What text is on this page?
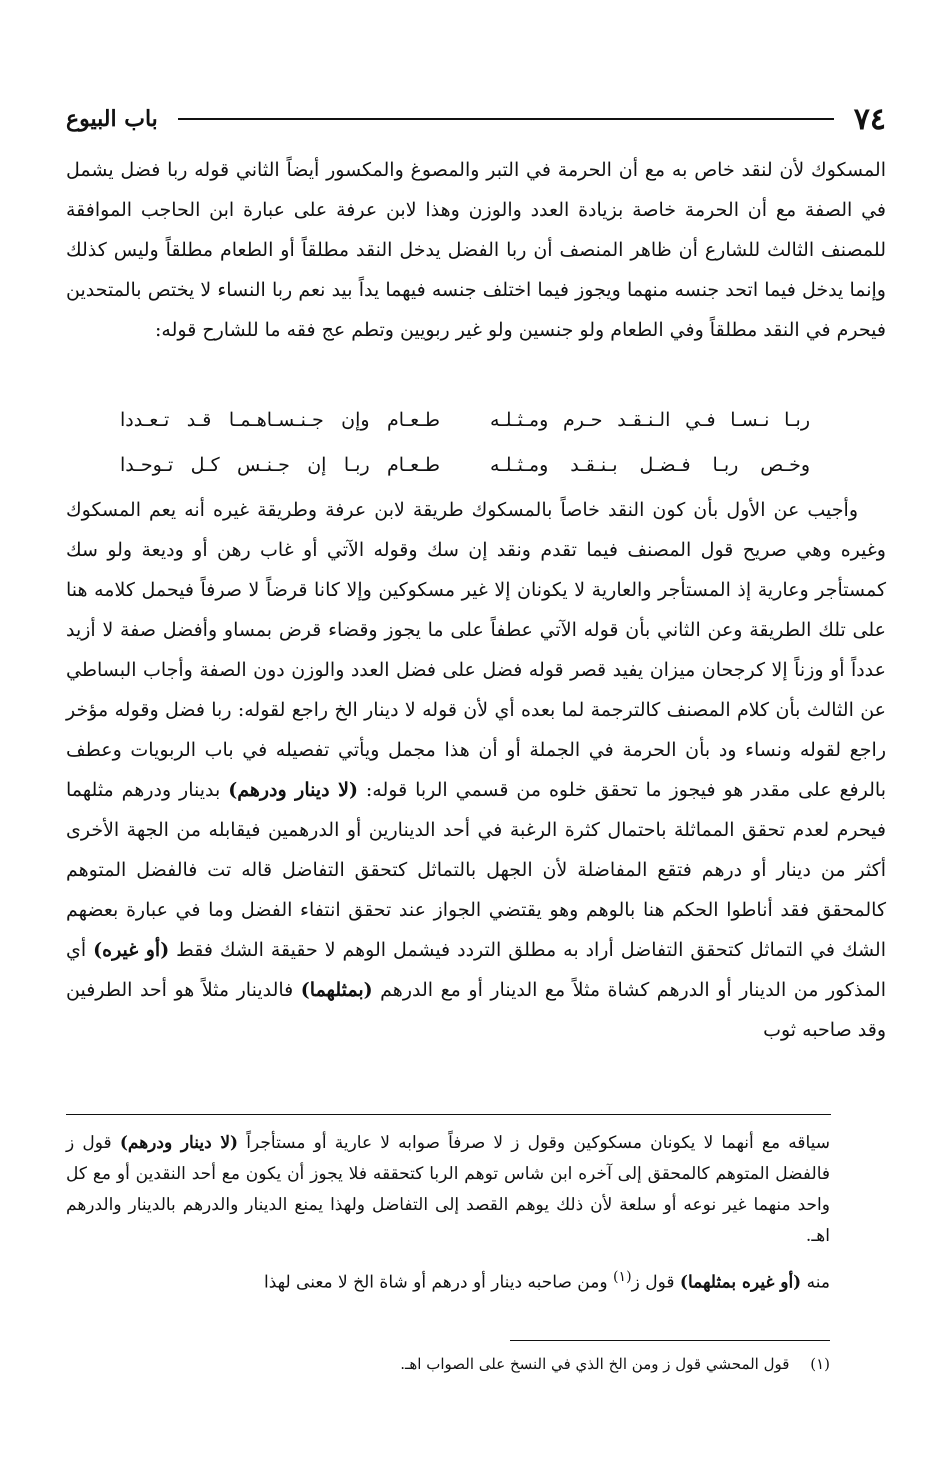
٧٤
باب البيوع

المسكوك لأن لنقد خاص به مع أن الحرمة في التبر والمصوغ والمكسور أيضاً الثاني قوله ربا فضل يشمل في الصفة مع أن الحرمة خاصة بزيادة العدد والوزن وهذا لابن عرفة على عبارة ابن الحاجب الموافقة للمصنف الثالث للشارع أن ظاهر المنصف أن ربا الفضل يدخل النقد مطلقاً أو الطعام مطلقاً وليس كذلك وإنما يدخل فيما اتحد جنسه منهما ويجوز فيما اختلف جنسه فيهما يداً بيد نعم ربا النساء لا يختص بالمتحدين فيحرم في النقد مطلقاً وفي الطعام ولو جنسين ولو غير ربويين وتطم عج فقه ما للشارح قوله:

ربـا نـسـا فـي الـنـقـد حـرم ومـثـلـه
طـعـام وإن جـنـسـاهـمـا قـد تـعـددا
وخـص ربـا فـضـل بـنـقـد ومـثـلـه
طـعـام ربـا إن جـنـس كـل تـوحـدا

وأجيب عن الأول بأن كون النقد خاصاً بالمسكوك طريقة لابن عرفة وطريقة غيره أنه يعم المسكوك وغيره وهي صريح قول المصنف فيما تقدم ونقد إن سك وقوله الآتي أو غاب رهن أو وديعة ولو سك كمستأجر وعارية إذ المستأجر والعارية لا يكونان إلا غير مسكوكين وإلا كانا قرضاً لا صرفاً فيحمل كلامه هنا على تلك الطريقة وعن الثاني بأن قوله الآتي عطفاً على ما يجوز وقضاء قرض بمساو وأفضل صفة لا أزيد عدداً أو وزناً إلا كرجحان ميزان يفيد قصر قوله فضل على فضل العدد والوزن دون الصفة وأجاب البساطي عن الثالث بأن كلام المصنف كالترجمة لما بعده أي لأن قوله لا دينار الخ راجع لقوله: ربا فضل وقوله مؤخر راجع لقوله ونساء ود بأن الحرمة في الجملة أو أن هذا مجمل ويأتي تفصيله في باب الربويات وعطف بالرفع على مقدر هو فيجوز ما تحقق خلوه من قسمي الربا قوله: (لا دينار ودرهم) بدينار ودرهم مثلهما فيحرم لعدم تحقق المماثلة باحتمال كثرة الرغبة في أحد الدينارين أو الدرهمين فيقابله من الجهة الأخرى أكثر من دينار أو درهم فتقع المفاضلة لأن الجهل بالتماثل كتحقق التفاضل قاله تت فالفضل المتوهم كالمحقق فقد أناطوا الحكم هنا بالوهم وهو يقتضي الجواز عند تحقق انتفاء الفضل وما في عبارة بعضهم الشك في التماثل كتحقق التفاضل أراد به مطلق التردد فيشمل الوهم لا حقيقة الشك فقط (أو غيره) أي المذكور من الدينار أو الدرهم كشاة مثلاً مع الدينار أو مع الدرهم (بمثلهما) فالدينار مثلاً هو أحد الطرفين وقد صاحبه ثوب

سياقه مع أنهما لا يكونان مسكوكين وقول ز لا صرفاً صوابه لا عارية أو مستأجراً (لا دينار ودرهم) قول ز فالفضل المتوهم كالمحقق إلى آخره ابن شاس توهم الربا كتحققه فلا يجوز أن يكون مع أحد النقدين أو مع كل واحد منهما غير نوعه أو سلعة لأن ذلك يوهم القصد إلى التفاضل ولهذا يمنع الدينار والدرهم بالدينار والدرهم اهـ.

منه (أو غيره بمثلهما) قول ز$^{(١)}$ ومن صاحبه دينار أو درهم أو شاة الخ لا معنى لهذا

(١) قول المحشي قول ز ومن الخ الذي في النسخ على الصواب اهـ.
